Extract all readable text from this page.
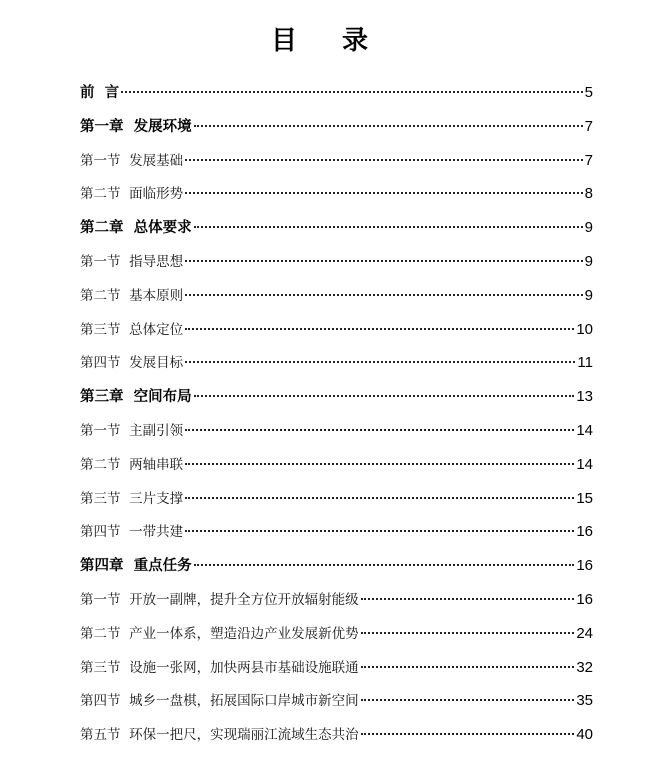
目 录
前  言	5
第一章  发展环境	7
第一节  发展基础	7
第二节  面临形势	8
第二章  总体要求	9
第一节  指导思想	9
第二节  基本原则	9
第三节  总体定位	10
第四节  发展目标	11
第三章  空间布局	13
第一节  主副引领	14
第二节  两轴串联	14
第三节  三片支撑	15
第四节  一带共建	16
第四章  重点任务	16
第一节  开放一副牌，提升全方位开放辐射能级	16
第二节  产业一体系，塑造沿边产业发展新优势	24
第三节  设施一张网，加快两县市基础设施联通	32
第四节  城乡一盘棋，拓展国际口岸城市新空间	35
第五节  环保一把尺，实现瑞丽江流域生态共治	40
